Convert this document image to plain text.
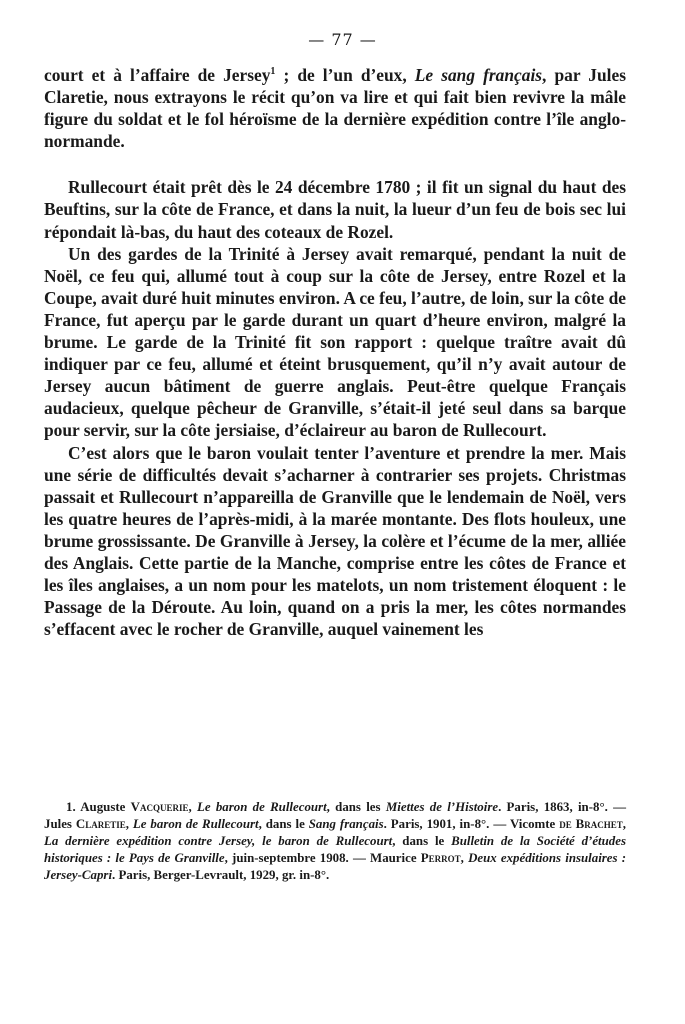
— 77 —

court et à l’affaire de Jersey$^1$ ; de l’un d’eux, Le sang français, par Jules Claretie, nous extrayons le récit qu’on va lire et qui fait bien revivre la mâle figure du soldat et le fol héroïsme de la dernière expédition contre l’île anglo-normande.

Rullecourt était prêt dès le 24 décembre 1780 ; il fit un signal du haut des Beuftins, sur la côte de France, et dans la nuit, la lueur d’un feu de bois sec lui répondait là-bas, du haut des coteaux de Rozel.

Un des gardes de la Trinité à Jersey avait remarqué, pendant la nuit de Noël, ce feu qui, allumé tout à coup sur la côte de Jersey, entre Rozel et la Coupe, avait duré huit minutes environ. A ce feu, l’autre, de loin, sur la côte de France, fut aperçu par le garde durant un quart d’heure environ, malgré la brume. Le garde de la Trinité fit son rapport : quelque traître avait dû indiquer par ce feu, allumé et éteint brusquement, qu’il n’y avait autour de Jersey aucun bâtiment de guerre anglais. Peut-être quelque Français audacieux, quelque pêcheur de Granville, s’était-il jeté seul dans sa barque pour servir, sur la côte jersiaise, d’éclaireur au baron de Rullecourt.

C’est alors que le baron voulait tenter l’aventure et prendre la mer. Mais une série de difficultés devait s’acharner à contrarier ses projets. Christmas passait et Rullecourt n’appareilla de Granville que le lendemain de Noël, vers les quatre heures de l’après-midi, à la marée montante. Des flots houleux, une brume grossissante. De Granville à Jersey, la colère et l’écume de la mer, alliée des Anglais. Cette partie de la Manche, comprise entre les côtes de France et les îles anglaises, a un nom pour les matelots, un nom tristement éloquent : le Passage de la Déroute. Au loin, quand on a pris la mer, les côtes normandes s’effacent avec le rocher de Granville, auquel vainement les

1. Auguste Vacquerie, Le baron de Rullecourt, dans les Miettes de l’Histoire. Paris, 1863, in-8°. — Jules Claretie, Le baron de Rullecourt, dans le Sang français. Paris, 1901, in-8°. — Vicomte de Brachet, La dernière expédition contre Jersey, le baron de Rullecourt, dans le Bulletin de la Société d’études historiques : le Pays de Granville, juin-septembre 1908. — Maurice Perrot, Deux expéditions insulaires : Jersey-Capri. Paris, Berger-Levrault, 1929, gr. in-8°.
